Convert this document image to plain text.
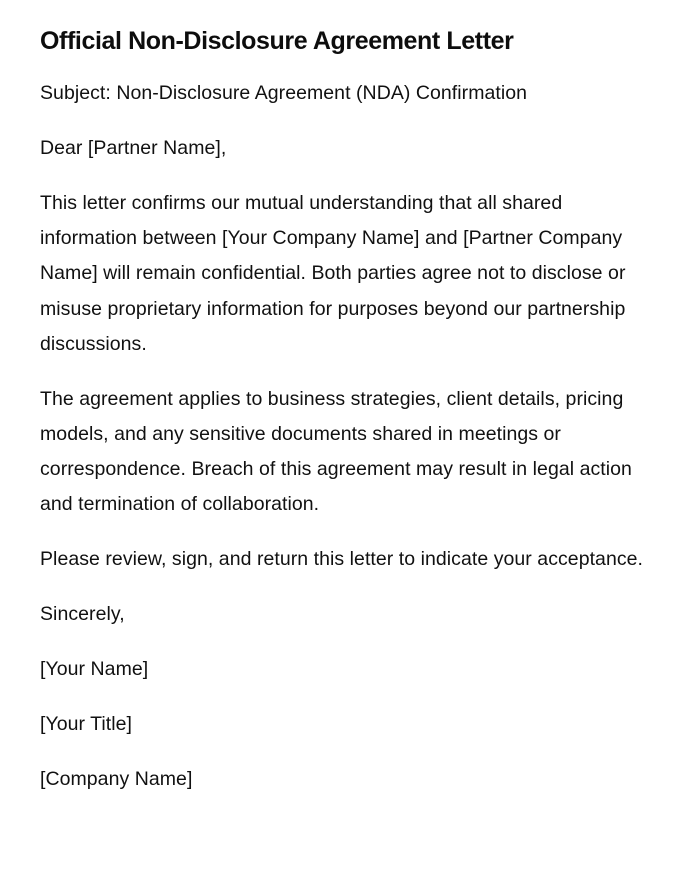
Official Non-Disclosure Agreement Letter

Subject: Non-Disclosure Agreement (NDA) Confirmation

Dear [Partner Name],

This letter confirms our mutual understanding that all shared information between [Your Company Name] and [Partner Company Name] will remain confidential. Both parties agree not to disclose or misuse proprietary information for purposes beyond our partnership discussions.

The agreement applies to business strategies, client details, pricing models, and any sensitive documents shared in meetings or correspondence. Breach of this agreement may result in legal action and termination of collaboration.

Please review, sign, and return this letter to indicate your acceptance.

Sincerely,

[Your Name]

[Your Title]

[Company Name]
